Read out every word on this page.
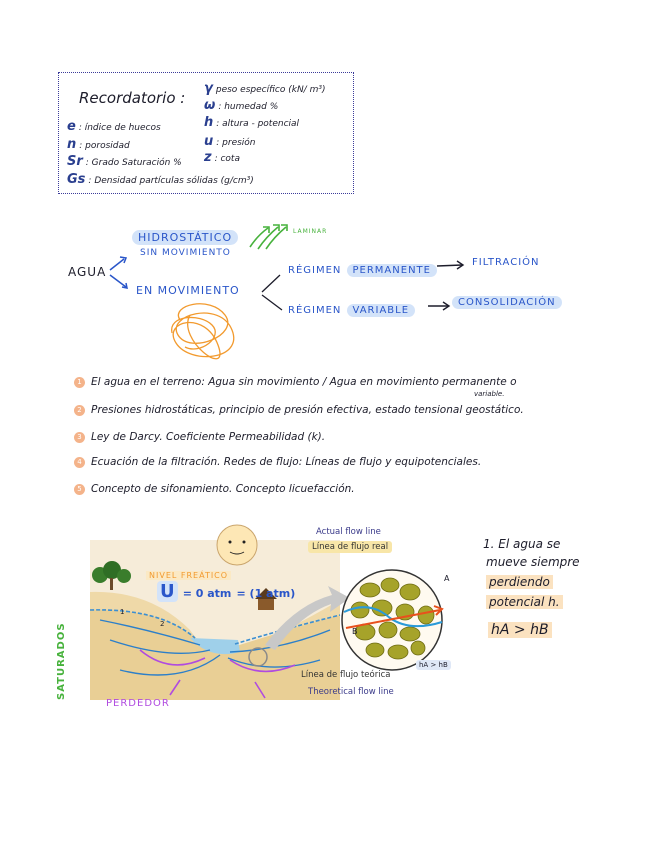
Recordatorio :
e : índice de huecos
n : porosidad
Sr : Grado Saturación %
Gs : Densidad partículas sólidas (g/cm³)
γ peso específico (kN/ m³)
ω : humedad %
h : altura - potencial
u : presión
z : cota
AGUA
HIDROSTÁTICO
SIN MOVIMIENTO
LAMINAR
EN MOVIMIENTO
RÉGIMEN PERMANENTE
FILTRACIÓN
RÉGIMEN VARIABLE
CONSOLIDACIÓN
1 El agua en el terreno: Agua sin movimiento / Agua en movimiento permanente o
variable.
2 Presiones hidrostáticas, principio de presión efectiva, estado tensional geostático.
3 Ley de Darcy. Coeficiente Permeabilidad (k).
4 Ecuación de la filtración. Redes de flujo: Líneas de flujo y equipotenciales.
5 Concepto de sifonamiento. Concepto licuefacción.
NIVEL FREÁTICO
U = 0 atm = (1 atm)
1
2
SATURADOS
PERDEDOR
Actual flow line
Línea de flujo real
Línea de flujo teórica
Theoretical flow line
A
B
hA > hB
1. El agua se
mueve siempre
perdiendo
potencial h.
hA > hB
